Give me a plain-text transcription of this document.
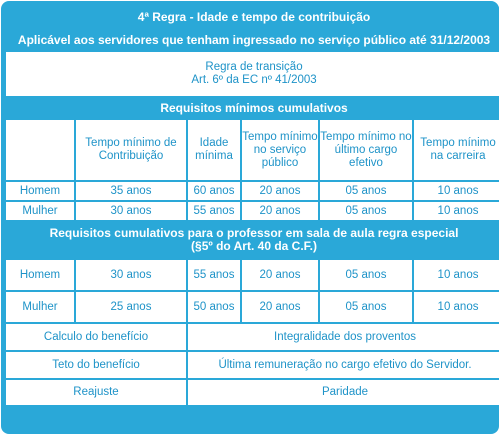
4ª Regra - Idade e tempo de contribuição					
Aplicável aos servidores que tenham ingressado no serviço público até 31/12/2003					

Regra de transição
Art. 6º da EC nº 41/2003					

Requisitos mínimos cumulativos					
	Tempo mínimo de Contribuição	Idade mínima	Tempo mínimo no serviço público	Tempo mínimo no último cargo efetivo	Tempo mínimo na carreira
Homem	35 anos	60 anos	20 anos	05 anos	10 anos
Mulher	30 anos	55 anos	20 anos	05 anos	10 anos

Requisitos cumulativos para o professor em sala de aula regra especial
(§5º do Art. 40 da C.F.)					

Homem	30 anos	55 anos	20 anos	05 anos	10 anos
Mulher	25 anos	50 anos	20 anos	05 anos	10 anos
Calculo do benefício		Integralidade dos proventos			
Teto do benefício		Última remuneração no cargo efetivo do Servidor.			
Reajuste		Paridade			
